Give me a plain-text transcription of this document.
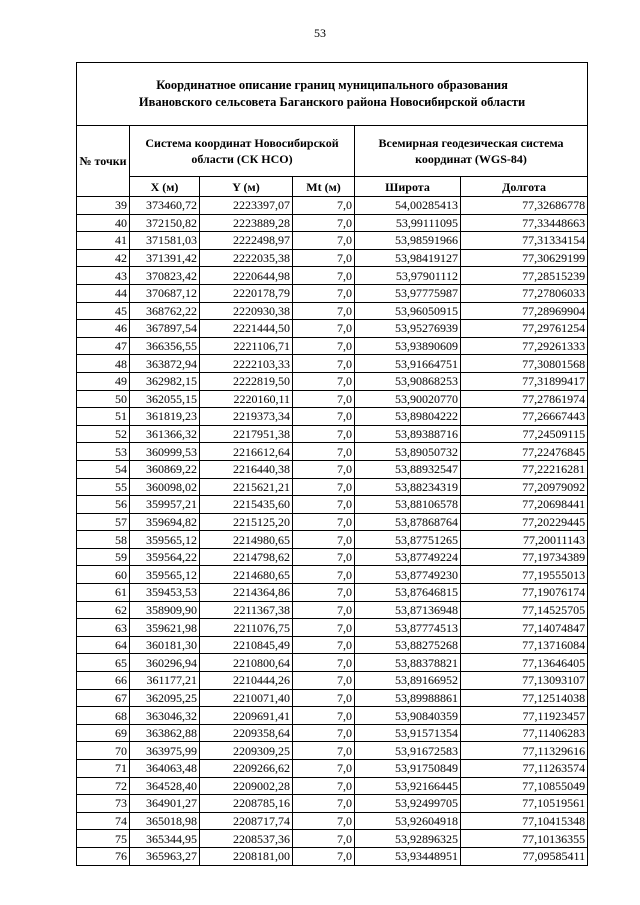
53
Координатное описание границ муниципального образования
Ивановского сельсовета Баганского района Новосибирской области					

№ точки	Система координат Новосибирской области (СК НСО)			Всемирная геодезическая система координат (WGS-84)	
	X (м)	Y (м)	Mt (м)	Широта	Долгота
39	373460,72	2223397,07	7,0	54,00285413	77,32686778
40	372150,82	2223889,28	7,0	53,99111095	77,33448663
41	371581,03	2222498,97	7,0	53,98591966	77,31334154
42	371391,42	2222035,38	7,0	53,98419127	77,30629199
43	370823,42	2220644,98	7,0	53,97901112	77,28515239
44	370687,12	2220178,79	7,0	53,97775987	77,27806033
45	368762,22	2220930,38	7,0	53,96050915	77,28969904
46	367897,54	2221444,50	7,0	53,95276939	77,29761254
47	366356,55	2221106,71	7,0	53,93890609	77,29261333
48	363872,94	2222103,33	7,0	53,91664751	77,30801568
49	362982,15	2222819,50	7,0	53,90868253	77,31899417
50	362055,15	2220160,11	7,0	53,90020770	77,27861974
51	361819,23	2219373,34	7,0	53,89804222	77,26667443
52	361366,32	2217951,38	7,0	53,89388716	77,24509115
53	360999,53	2216612,64	7,0	53,89050732	77,22476845
54	360869,22	2216440,38	7,0	53,88932547	77,22216281
55	360098,02	2215621,21	7,0	53,88234319	77,20979092
56	359957,21	2215435,60	7,0	53,88106578	77,20698441
57	359694,82	2215125,20	7,0	53,87868764	77,20229445
58	359565,12	2214980,65	7,0	53,87751265	77,20011143
59	359564,22	2214798,62	7,0	53,87749224	77,19734389
60	359565,12	2214680,65	7,0	53,87749230	77,19555013
61	359453,53	2214364,86	7,0	53,87646815	77,19076174
62	358909,90	2211367,38	7,0	53,87136948	77,14525705
63	359621,98	2211076,75	7,0	53,87774513	77,14074847
64	360181,30	2210845,49	7,0	53,88275268	77,13716084
65	360296,94	2210800,64	7,0	53,88378821	77,13646405
66	361177,21	2210444,26	7,0	53,89166952	77,13093107
67	362095,25	2210071,40	7,0	53,89988861	77,12514038
68	363046,32	2209691,41	7,0	53,90840359	77,11923457
69	363862,88	2209358,64	7,0	53,91571354	77,11406283
70	363975,99	2209309,25	7,0	53,91672583	77,11329616
71	364063,48	2209266,62	7,0	53,91750849	77,11263574
72	364528,40	2209002,28	7,0	53,92166445	77,10855049
73	364901,27	2208785,16	7,0	53,92499705	77,10519561
74	365018,98	2208717,74	7,0	53,92604918	77,10415348
75	365344,95	2208537,36	7,0	53,92896325	77,10136355
76	365963,27	2208181,00	7,0	53,93448951	77,09585411
